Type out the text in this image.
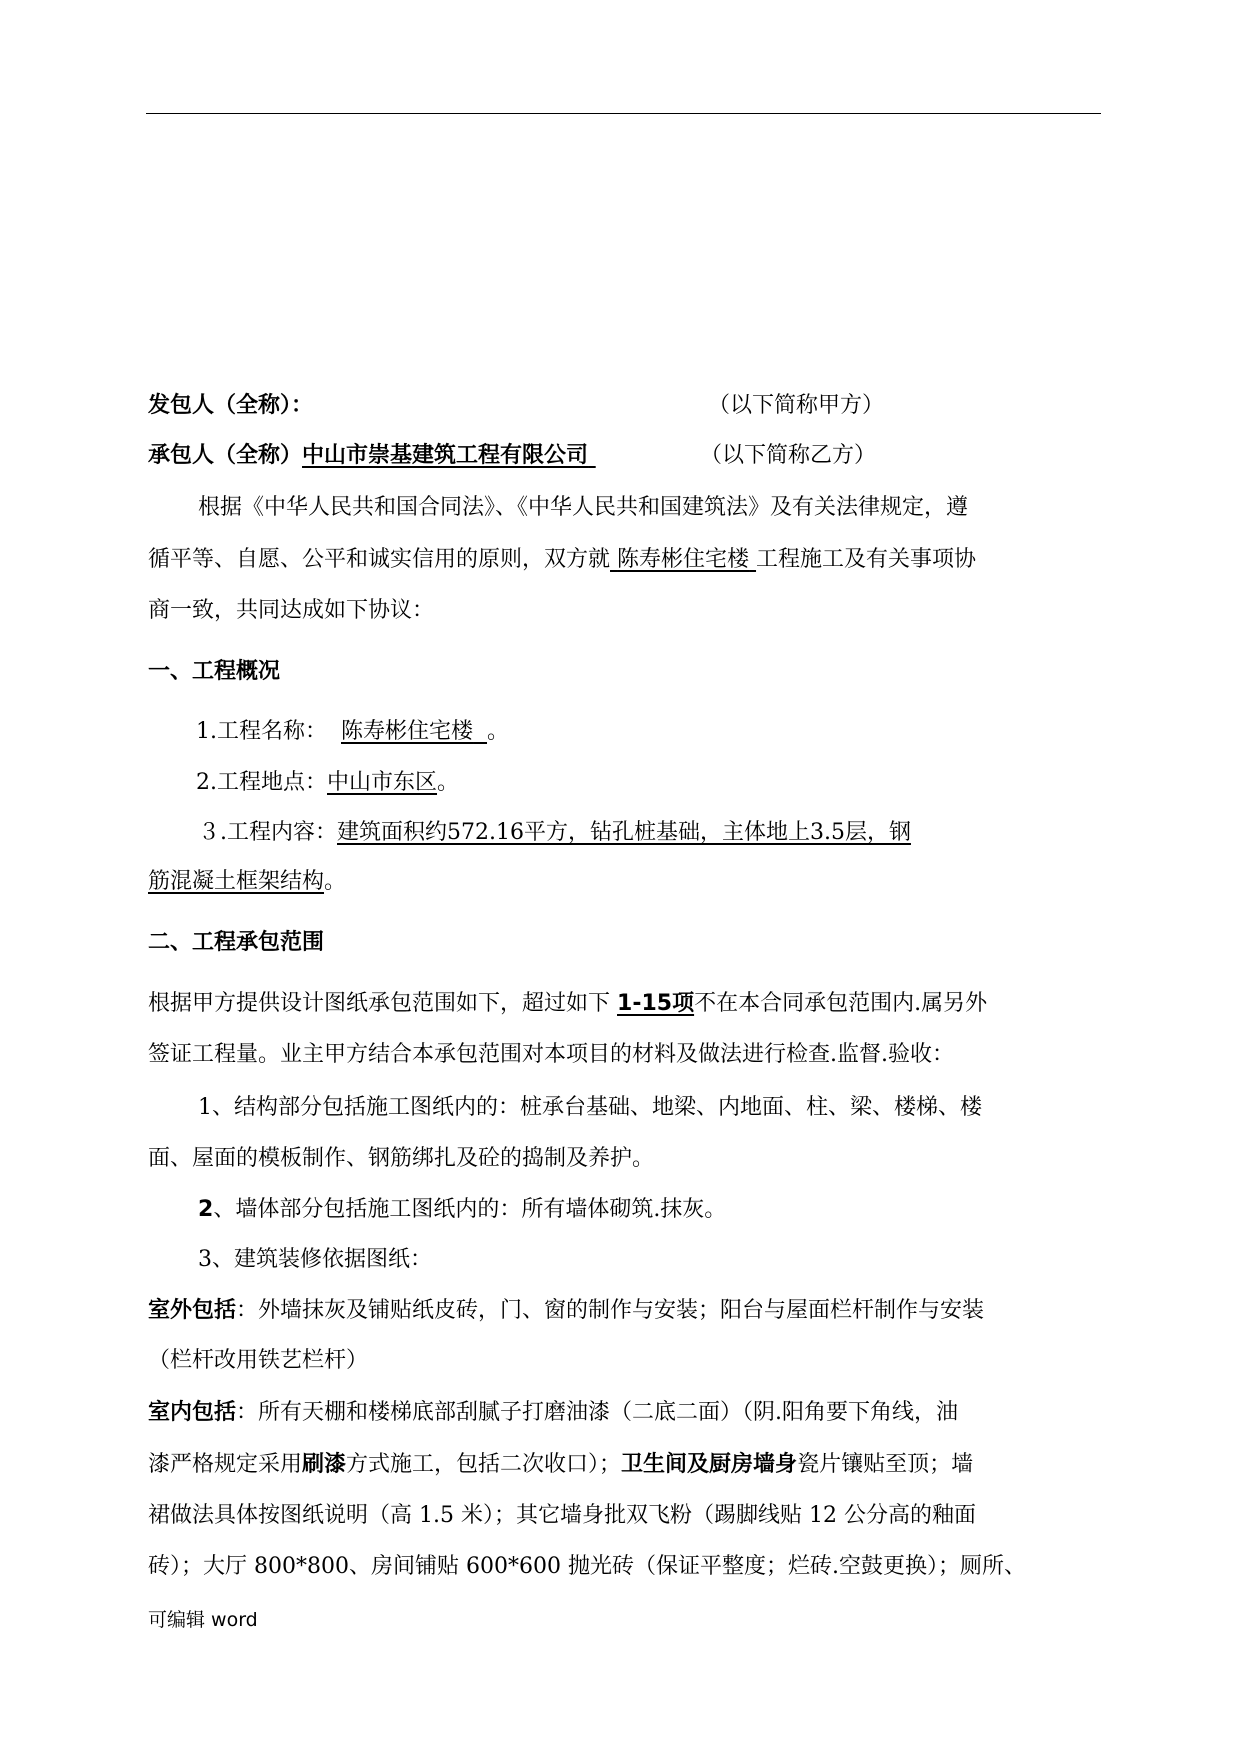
发包人（全称）：	（以下简称甲方）
承包人（全称）中山市崇基建筑工程有限公司	（以下简称乙方）
根据《中华人民共和国合同法》、《中华人民共和国建筑法》及有关法律规定，遵
循平等、自愿、公平和诚实信用的原则，双方就 陈寿彬住宅楼 工程施工及有关事项协
商一致，共同达成如下协议：
一、工程概况
1.工程名称： 陈寿彬住宅楼 。
2.工程地点：中山市东区。
３.工程内容：建筑面积约572.16平方，钻孔桩基础，主体地上3.5层，钢
筋混凝土框架结构。
二、工程承包范围
根据甲方提供设计图纸承包范围如下，超过如下 1-15项不在本合同承包范围内.属另外
签证工程量。业主甲方结合本承包范围对本项目的材料及做法进行检查.监督.验收：
1、结构部分包括施工图纸内的：桩承台基础、地梁、内地面、柱、梁、楼梯、楼
面、屋面的模板制作、钢筋绑扎及砼的捣制及养护。
2、墙体部分包括施工图纸内的：所有墙体砌筑.抹灰。
3、建筑装修依据图纸：
室外包括：外墙抹灰及铺贴纸皮砖，门、窗的制作与安装；阳台与屋面栏杆制作与安装
（栏杆改用铁艺栏杆）
室内包括：所有天棚和楼梯底部刮腻子打磨油漆（二底二面）（阴.阳角要下角线，油
漆严格规定采用刷漆方式施工，包括二次收口）；卫生间及厨房墙身瓷片镶贴至顶；墙
裙做法具体按图纸说明（高 1.5 米）；其它墙身批双飞粉（踢脚线贴 12 公分高的釉面
砖）；大厅 800*800、房间铺贴 600*600 抛光砖（保证平整度；烂砖.空鼓更换）；厕所、
可编辑 word
